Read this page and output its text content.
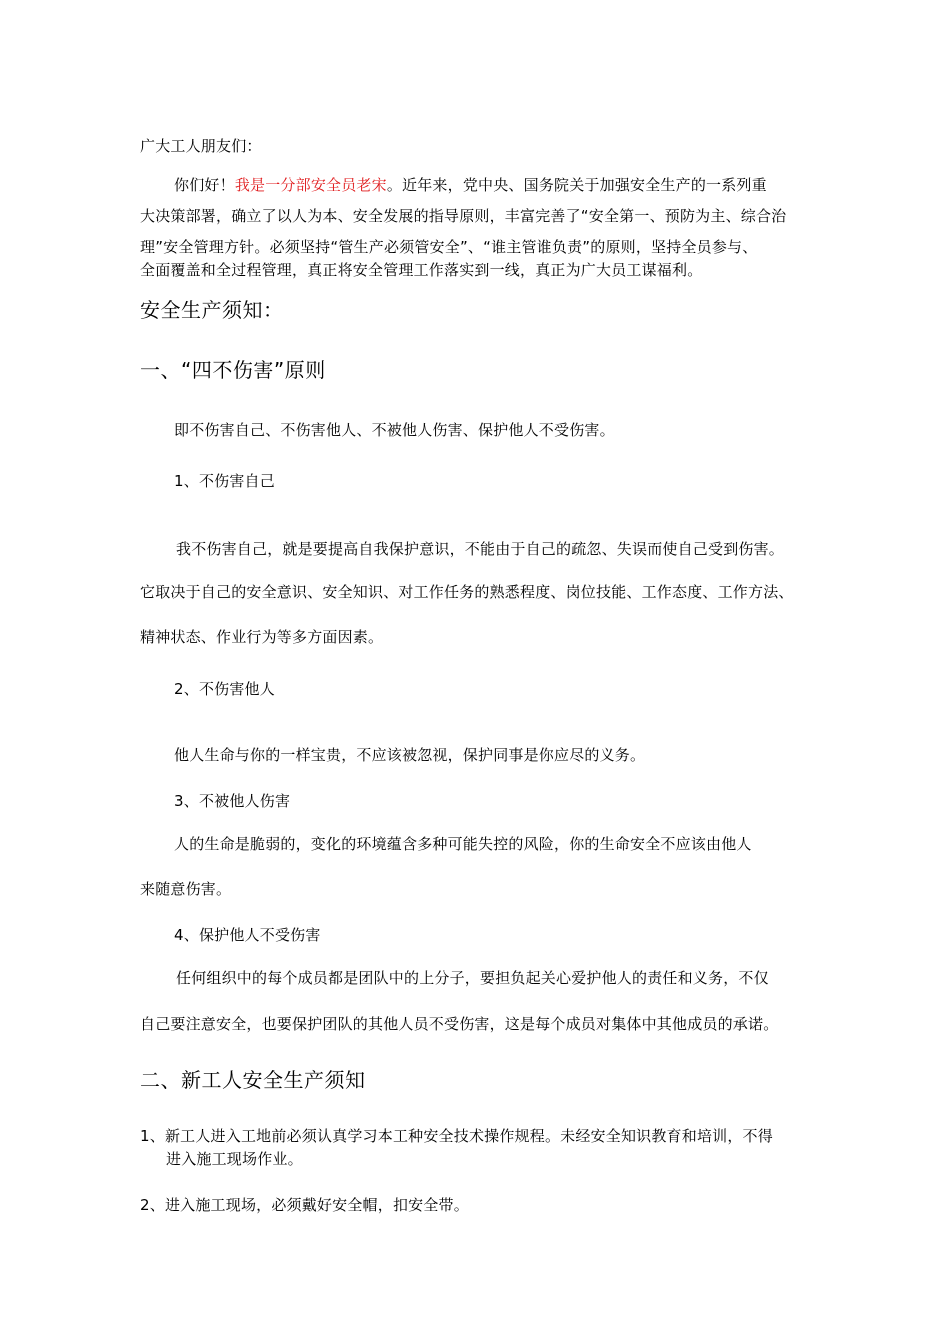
广大工人朋友们：

你们好！我是一分部安全员老宋。近年来，党中央、国务院关于加强安全生产的一系列重

大决策部署，确立了以人为本、安全发展的指导原则，丰富完善了“安全第一、预防为主、综合治

理”安全管理方针。必须坚持“管生产必须管安全”、“谁主管谁负责”的原则，坚持全员参与、

全面覆盖和全过程管理，真正将安全管理工作落实到一线，真正为广大员工谋福利。

安全生产须知：

一、“四不伤害”原则

即不伤害自己、不伤害他人、不被他人伤害、保护他人不受伤害。

1、不伤害自己

我不伤害自己，就是要提高自我保护意识，不能由于自己的疏忽、失误而使自己受到伤害。

它取决于自己的安全意识、安全知识、对工作任务的熟悉程度、岗位技能、工作态度、工作方法、

精神状态、作业行为等多方面因素。

2、不伤害他人

他人生命与你的一样宝贵，不应该被忽视，保护同事是你应尽的义务。

3、不被他人伤害

人的生命是脆弱的，变化的环境蕴含多种可能失控的风险，你的生命安全不应该由他人

来随意伤害。

4、保护他人不受伤害

任何组织中的每个成员都是团队中的上分子，要担负起关心爱护他人的责任和义务，不仅

自己要注意安全，也要保护团队的其他人员不受伤害，这是每个成员对集体中其他成员的承诺。

二、新工人安全生产须知

1、新工人进入工地前必须认真学习本工种安全技术操作规程。未经安全知识教育和培训，不得

进入施工现场作业。

2、进入施工现场，必须戴好安全帽，扣安全带。
